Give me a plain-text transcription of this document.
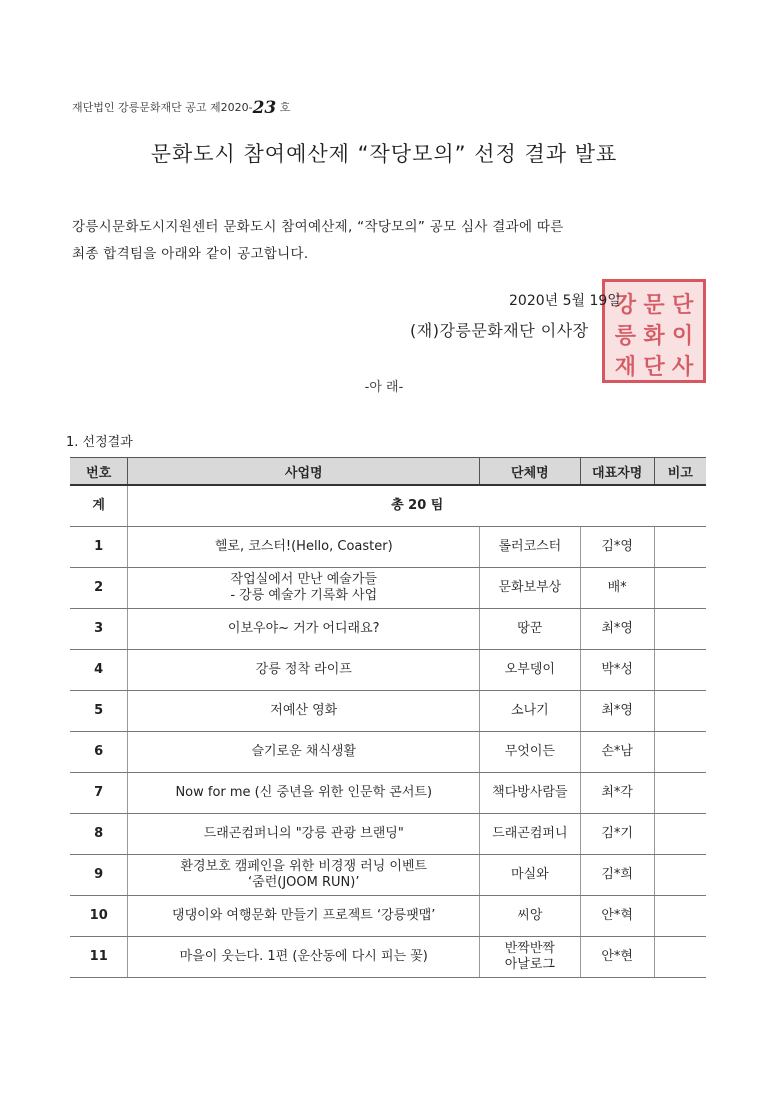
재단법인 강릉문화재단 공고 제2020-23 호
문화도시 참여예산제 “작당모의” 선정 결과 발표
강릉시문화도시지원센터 문화도시 참여예산제, “작당모의” 공모 심사 결과에 따른
최종 합격팀을 아래와 같이 공고합니다.
강 문 단
릉 화 이
재 단 사
2020년 5월 19일
(재)강릉문화재단 이사장
-아 래-
1. 선정결과
번호	사업명	단체명	대표자명	비고
계	총 20 팀			
1	헬로, 코스터!(Hello, Coaster)	롤러코스터	김*영	
2	작업실에서 만난 예술가들
- 강릉 예술가 기록화 사업	문화보부상	배*	
3	이보우야~ 거가 어디래요?	땅꾼	최*영	
4	강릉 정착 라이프	오부뎅이	박*성	
5	저예산 영화	소나기	최*영	
6	슬기로운 채식생활	무엇이든	손*남	
7	Now for me (신 중년을 위한 인문학 콘서트)	책다방사람들	최*각	
8	드래곤컴퍼니의 "강릉 관광 브랜딩"	드래곤컴퍼니	김*기	
9	환경보호 캠페인을 위한 비경쟁 러닝 이벤트
‘줌런(JOOM RUN)’	마실와	김*희	
10	댕댕이와 여행문화 만들기 프로젝트 ‘강릉팻맵’	씨앙	안*혁	
11	마을이 웃는다. 1편 (운산동에 다시 피는 꽃)	반짝반짝
아날로그	안*현	
